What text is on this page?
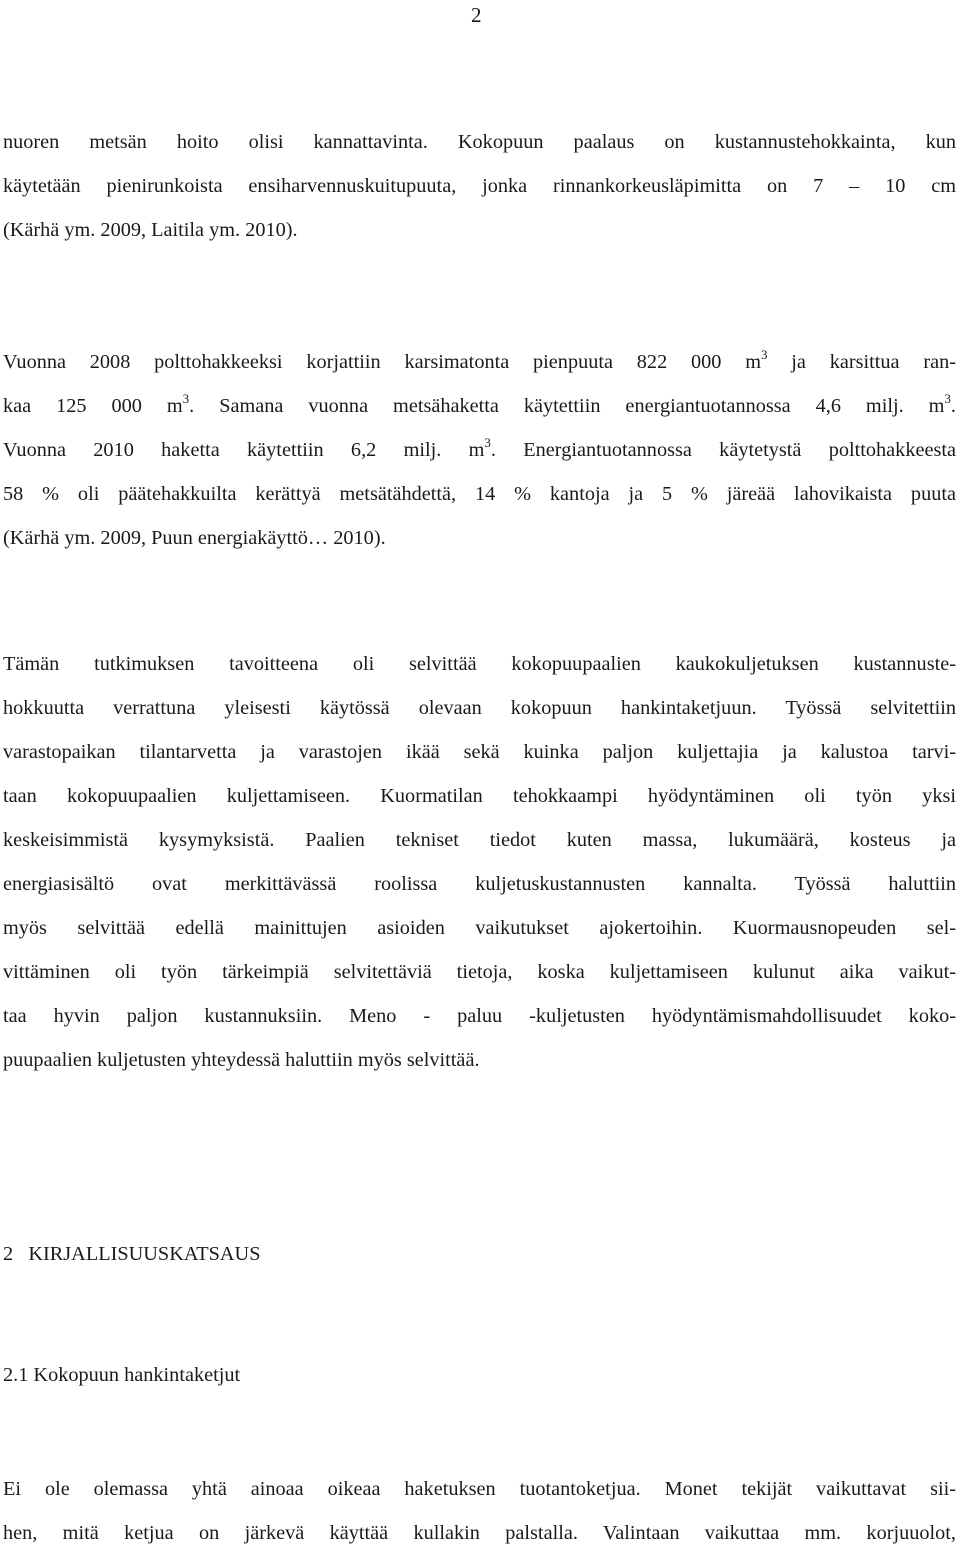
2
nuoren metsän hoito olisi kannattavinta. Kokopuun paalaus on kustannustehokkainta, kun
käytetään pienirunkoista ensiharvennuskuitupuuta, jonka rinnankorkeusläpimitta on 7 – 10 cm
(Kärhä ym. 2009, Laitila ym. 2010).
Vuonna 2008 polttohakkeeksi korjattiin karsimatonta pienpuuta 822 000 $m^3$ ja karsittua ran-
kaa 125 000 $m^3$. Samana vuonna metsähaketta käytettiin energiantuotannossa 4,6 milj. $m^3$.
Vuonna 2010 haketta käytettiin 6,2 milj. $m^3$. Energiantuotannossa käytetystä polttohakkeesta
58 % oli päätehakkuilta kerättyä metsätähdettä, 14 % kantoja ja 5 % järeää lahovikaista puuta
(Kärhä ym. 2009, Puun energiakäyttö… 2010).
Tämän tutkimuksen tavoitteena oli selvittää kokopuupaalien kaukokuljetuksen kustannuste-
hokkuutta verrattuna yleisesti käytössä olevaan kokopuun hankintaketjuun. Työssä selvitettiin
varastopaikan tilantarvetta ja varastojen ikää sekä kuinka paljon kuljettajia ja kalustoa tarvi-
taan kokopuupaalien kuljettamiseen. Kuormatilan tehokkaampi hyödyntäminen oli työn yksi
keskeisimmistä kysymyksistä. Paalien tekniset tiedot kuten massa, lukumäärä, kosteus ja
energiasisältö ovat merkittävässä roolissa kuljetuskustannusten kannalta. Työssä haluttiin
myös selvittää edellä mainittujen asioiden vaikutukset ajokertoihin. Kuormausnopeuden sel-
vittäminen oli työn tärkeimpiä selvitettäviä tietoja, koska kuljettamiseen kulunut aika vaikut-
taa hyvin paljon kustannuksiin. Meno - paluu -kuljetusten hyödyntämismahdollisuudet koko-
puupaalien kuljetusten yhteydessä haluttiin myös selvittää.
2   KIRJALLISUUSKATSAUS
2.1 Kokopuun hankintaketjut
Ei ole olemassa yhtä ainoaa oikeaa haketuksen tuotantoketjua. Monet tekijät vaikuttavat sii-
hen, mitä ketjua on järkevä käyttää kullakin palstalla. Valintaan vaikuttaa mm. korjuuolot,
